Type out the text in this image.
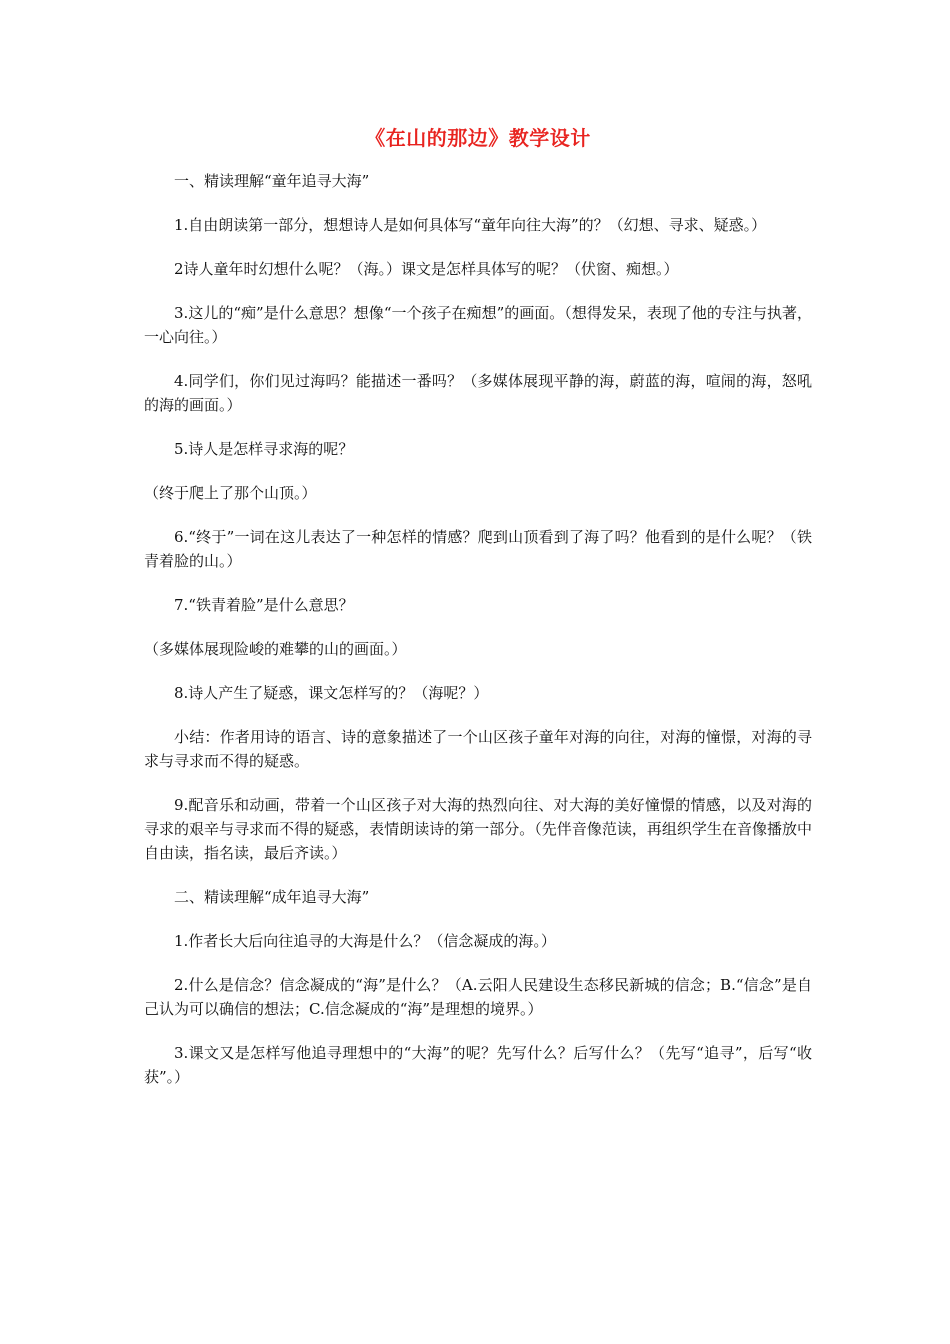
《在山的那边》教学设计

一、精读理解“童年追寻大海”

1.自由朗读第一部分，想想诗人是如何具体写“童年向往大海”的？（幻想、寻求、疑惑。）

2诗人童年时幻想什么呢？（海。）课文是怎样具体写的呢？（伏窗、痴想。）

3.这儿的“痴”是什么意思？想像“一个孩子在痴想”的画面。（想得发呆，表现了他的专注与执著，一心向往。）

4.同学们，你们见过海吗？能描述一番吗？（多媒体展现平静的海，蔚蓝的海，喧闹的海，怒吼的海的画面。）

5.诗人是怎样寻求海的呢？

（终于爬上了那个山顶。）

6.“终于”一词在这儿表达了一种怎样的情感？爬到山顶看到了海了吗？他看到的是什么呢？（铁青着脸的山。）

7.“铁青着脸”是什么意思？

（多媒体展现险峻的难攀的山的画面。）

8.诗人产生了疑惑，课文怎样写的？（海呢？）

小结：作者用诗的语言、诗的意象描述了一个山区孩子童年对海的向往，对海的憧憬，对海的寻求与寻求而不得的疑惑。

9.配音乐和动画，带着一个山区孩子对大海的热烈向往、对大海的美好憧憬的情感，以及对海的寻求的艰辛与寻求而不得的疑惑，表情朗读诗的第一部分。（先伴音像范读，再组织学生在音像播放中自由读，指名读，最后齐读。）

二、精读理解“成年追寻大海”

1.作者长大后向往追寻的大海是什么？（信念凝成的海。）

2.什么是信念？信念凝成的“海”是什么？（A.云阳人民建设生态移民新城的信念；B.“信念”是自己认为可以确信的想法；C.信念凝成的“海”是理想的境界。）

3.课文又是怎样写他追寻理想中的“大海”的呢？先写什么？后写什么？（先写“追寻”，后写“收获”。）
